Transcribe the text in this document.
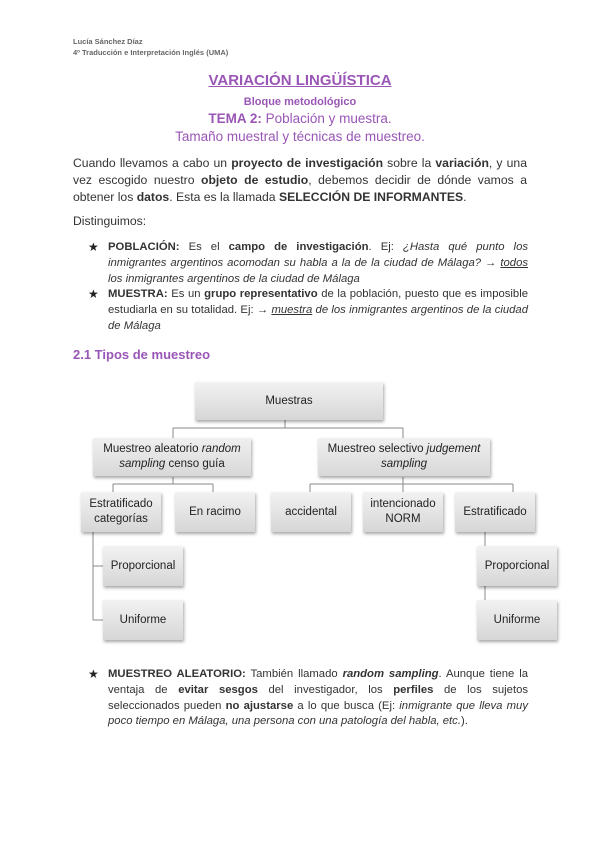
Lucía Sánchez Díaz
4º Traducción e Interpretación Inglés (UMA)
VARIACIÓN LINGÜÍSTICA
Bloque metodológico
TEMA 2: Población y muestra.
Tamaño muestral y técnicas de muestreo.
Cuando llevamos a cabo un proyecto de investigación sobre la variación, y una vez escogido nuestro objeto de estudio, debemos decidir de dónde vamos a obtener los datos. Esta es la llamada SELECCIÓN DE INFORMANTES.
Distinguimos:
★ POBLACIÓN: Es el campo de investigación. Ej: ¿Hasta qué punto los inmigrantes argentinos acomodan su habla a la de la ciudad de Málaga? → todos los inmigrantes argentinos de la ciudad de Málaga
★ MUESTRA: Es un grupo representativo de la población, puesto que es imposible estudiarla en su totalidad. Ej: → muestra de los inmigrantes argentinos de la ciudad de Málaga
2.1 Tipos de muestreo
Muestras
Muestreo aleatorio random sampling censo guía
Muestreo selectivo judgement sampling
Estratificado categorías
En racimo	accidental
intencionado
NORM
Estratificado
Proporcional
Uniforme
Proporcional
Uniforme
★ MUESTREO ALEATORIO: También llamado random sampling. Aunque tiene la ventaja de evitar sesgos del investigador, los perfiles de los sujetos seleccionados pueden no ajustarse a lo que busca (Ej: inmigrante que lleva muy poco tiempo en Málaga, una persona con una patología del habla, etc.).
